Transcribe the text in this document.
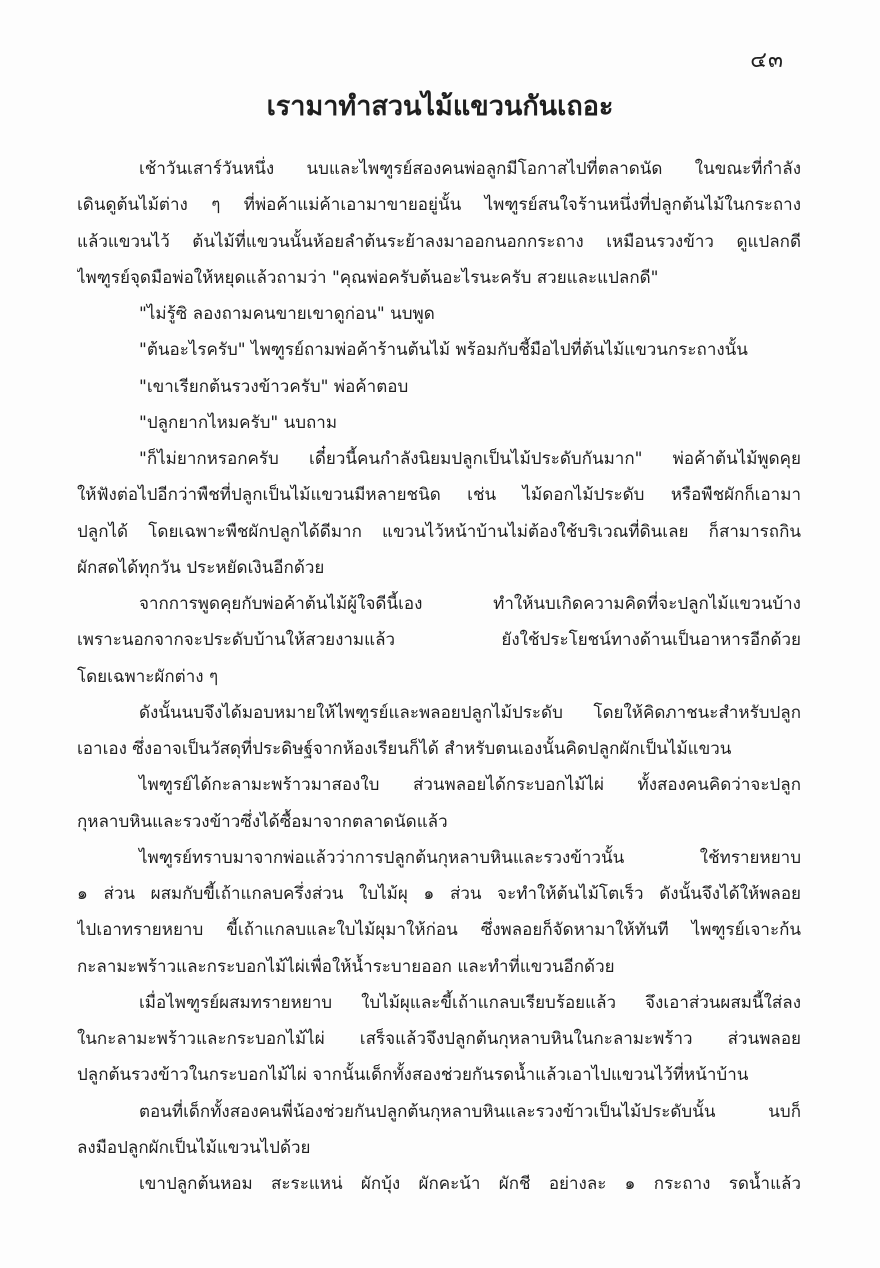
๔๓
เรามาทำสวนไม้แขวนกันเถอะ
เช้าวันเสาร์วันหนึ่ง นบและไพฑูรย์สองคนพ่อลูกมีโอกาสไปที่ตลาดนัด ในขณะที่กำลัง
เดินดูต้นไม้ต่าง ๆ ที่พ่อค้าแม่ค้าเอามาขายอยู่นั้น ไพฑูรย์สนใจร้านหนึ่งที่ปลูกต้นไม้ในกระถาง
แล้วแขวนไว้ ต้นไม้ที่แขวนนั้นห้อยลำต้นระย้าลงมาออกนอกกระถาง เหมือนรวงข้าว ดูแปลกดี
ไพฑูรย์จุดมือพ่อให้หยุดแล้วถามว่า "คุณพ่อครับต้นอะไรนะครับ สวยและแปลกดี"
"ไม่รู้ซิ ลองถามคนขายเขาดูก่อน" นบพูด
"ต้นอะไรครับ" ไพฑูรย์ถามพ่อค้าร้านต้นไม้ พร้อมกับชี้มือไปที่ต้นไม้แขวนกระถางนั้น
"เขาเรียกต้นรวงข้าวครับ" พ่อค้าตอบ
"ปลูกยากไหมครับ" นบถาม
"ก็ไม่ยากหรอกครับ เดี๋ยวนี้คนกำลังนิยมปลูกเป็นไม้ประดับกันมาก" พ่อค้าต้นไม้พูดคุย
ให้ฟังต่อไปอีกว่าพืชที่ปลูกเป็นไม้แขวนมีหลายชนิด เช่น ไม้ดอกไม้ประดับ หรือพืชผักก็เอามา
ปลูกได้ โดยเฉพาะพืชผักปลูกได้ดีมาก แขวนไว้หน้าบ้านไม่ต้องใช้บริเวณที่ดินเลย ก็สามารถกิน
ผักสดได้ทุกวัน ประหยัดเงินอีกด้วย
จากการพูดคุยกับพ่อค้าต้นไม้ผู้ใจดีนี้เอง ทำให้นบเกิดความคิดที่จะปลูกไม้แขวนบ้าง
เพราะนอกจากจะประดับบ้านให้สวยงามแล้ว ยังใช้ประโยชน์ทางด้านเป็นอาหารอีกด้วย
โดยเฉพาะผักต่าง ๆ
ดังนั้นนบจึงได้มอบหมายให้ไพฑูรย์และพลอยปลูกไม้ประดับ โดยให้คิดภาชนะสำหรับปลูก
เอาเอง ซึ่งอาจเป็นวัสดุที่ประดิษฐ์จากห้องเรียนก็ได้ สำหรับตนเองนั้นคิดปลูกผักเป็นไม้แขวน
ไพฑูรย์ได้กะลามะพร้าวมาสองใบ ส่วนพลอยได้กระบอกไม้ไผ่ ทั้งสองคนคิดว่าจะปลูก
กุหลาบหินและรวงข้าวซึ่งได้ซื้อมาจากตลาดนัดแล้ว
ไพฑูรย์ทราบมาจากพ่อแล้วว่าการปลูกต้นกุหลาบหินและรวงข้าวนั้น ใช้ทรายหยาบ
๑ ส่วน ผสมกับขี้เถ้าแกลบครึ่งส่วน ใบไม้ผุ ๑ ส่วน จะทำให้ต้นไม้โตเร็ว ดังนั้นจึงได้ให้พลอย
ไปเอาทรายหยาบ ขี้เถ้าแกลบและใบไม้ผุมาให้ก่อน ซึ่งพลอยก็จัดหามาให้ทันที ไพฑูรย์เจาะก้น
กะลามะพร้าวและกระบอกไม้ไผ่เพื่อให้น้ำระบายออก และทำที่แขวนอีกด้วย
เมื่อไพฑูรย์ผสมทรายหยาบ ใบไม้ผุและขี้เถ้าแกลบเรียบร้อยแล้ว จึงเอาส่วนผสมนี้ใส่ลง
ในกะลามะพร้าวและกระบอกไม้ไผ่ เสร็จแล้วจึงปลูกต้นกุหลาบหินในกะลามะพร้าว ส่วนพลอย
ปลูกต้นรวงข้าวในกระบอกไม้ไผ่ จากนั้นเด็กทั้งสองช่วยกันรดน้ำแล้วเอาไปแขวนไว้ที่หน้าบ้าน
ตอนที่เด็กทั้งสองคนพี่น้องช่วยกันปลูกต้นกุหลาบหินและรวงข้าวเป็นไม้ประดับนั้น นบก็
ลงมือปลูกผักเป็นไม้แขวนไปด้วย
เขาปลูกต้นหอม สะระแหน่ ผักบุ้ง ผักคะน้า ผักชี อย่างละ ๑ กระถาง รดน้ำแล้ว
